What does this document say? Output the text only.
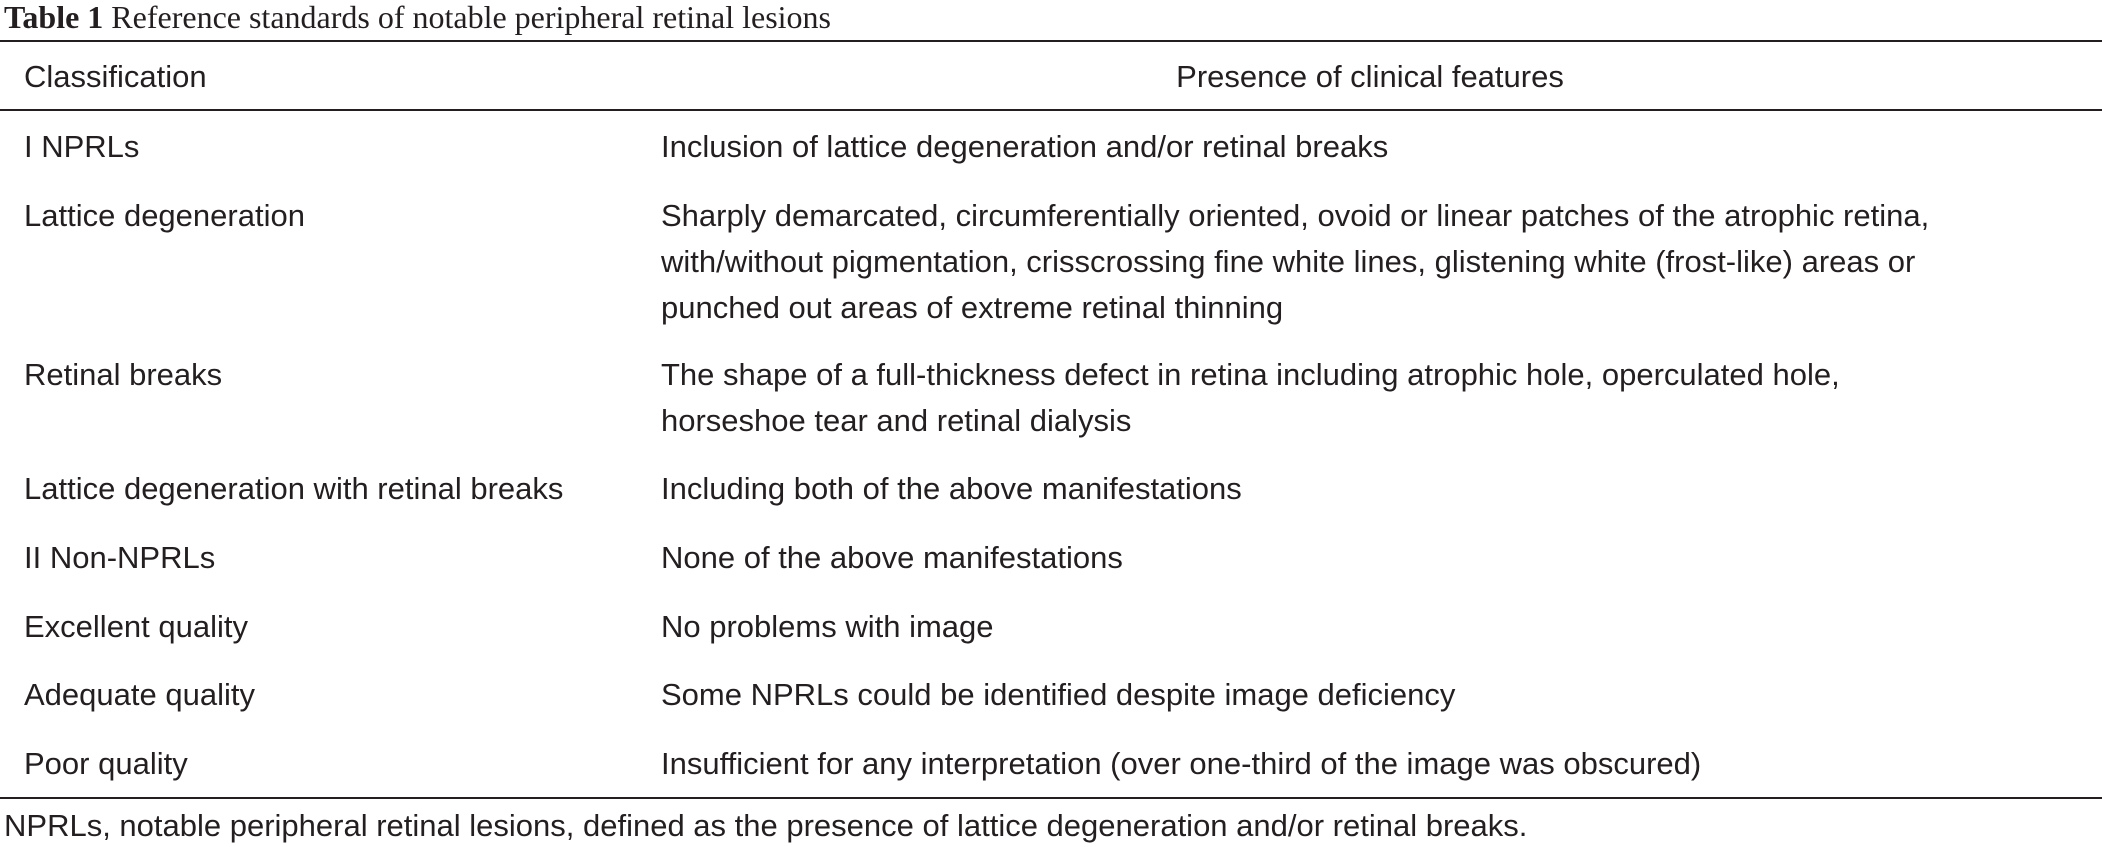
Table 1 Reference standards of notable peripheral retinal lesions
Classification	Presence of clinical features
I NPRLs	Inclusion of lattice degeneration and/or retinal breaks
Lattice degeneration	Sharply demarcated, circumferentially oriented, ovoid or linear patches of the atrophic retina,
with/without pigmentation, crisscrossing fine white lines, glistening white (frost-like) areas or
punched out areas of extreme retinal thinning
Retinal breaks	The shape of a full-thickness defect in retina including atrophic hole, operculated hole,
horseshoe tear and retinal dialysis
Lattice degeneration with retinal breaks	Including both of the above manifestations
II Non-NPRLs	None of the above manifestations
Excellent quality	No problems with image
Adequate quality	Some NPRLs could be identified despite image deficiency
Poor quality	Insufficient for any interpretation (over one-third of the image was obscured)
NPRLs, notable peripheral retinal lesions, defined as the presence of lattice degeneration and/or retinal breaks.
